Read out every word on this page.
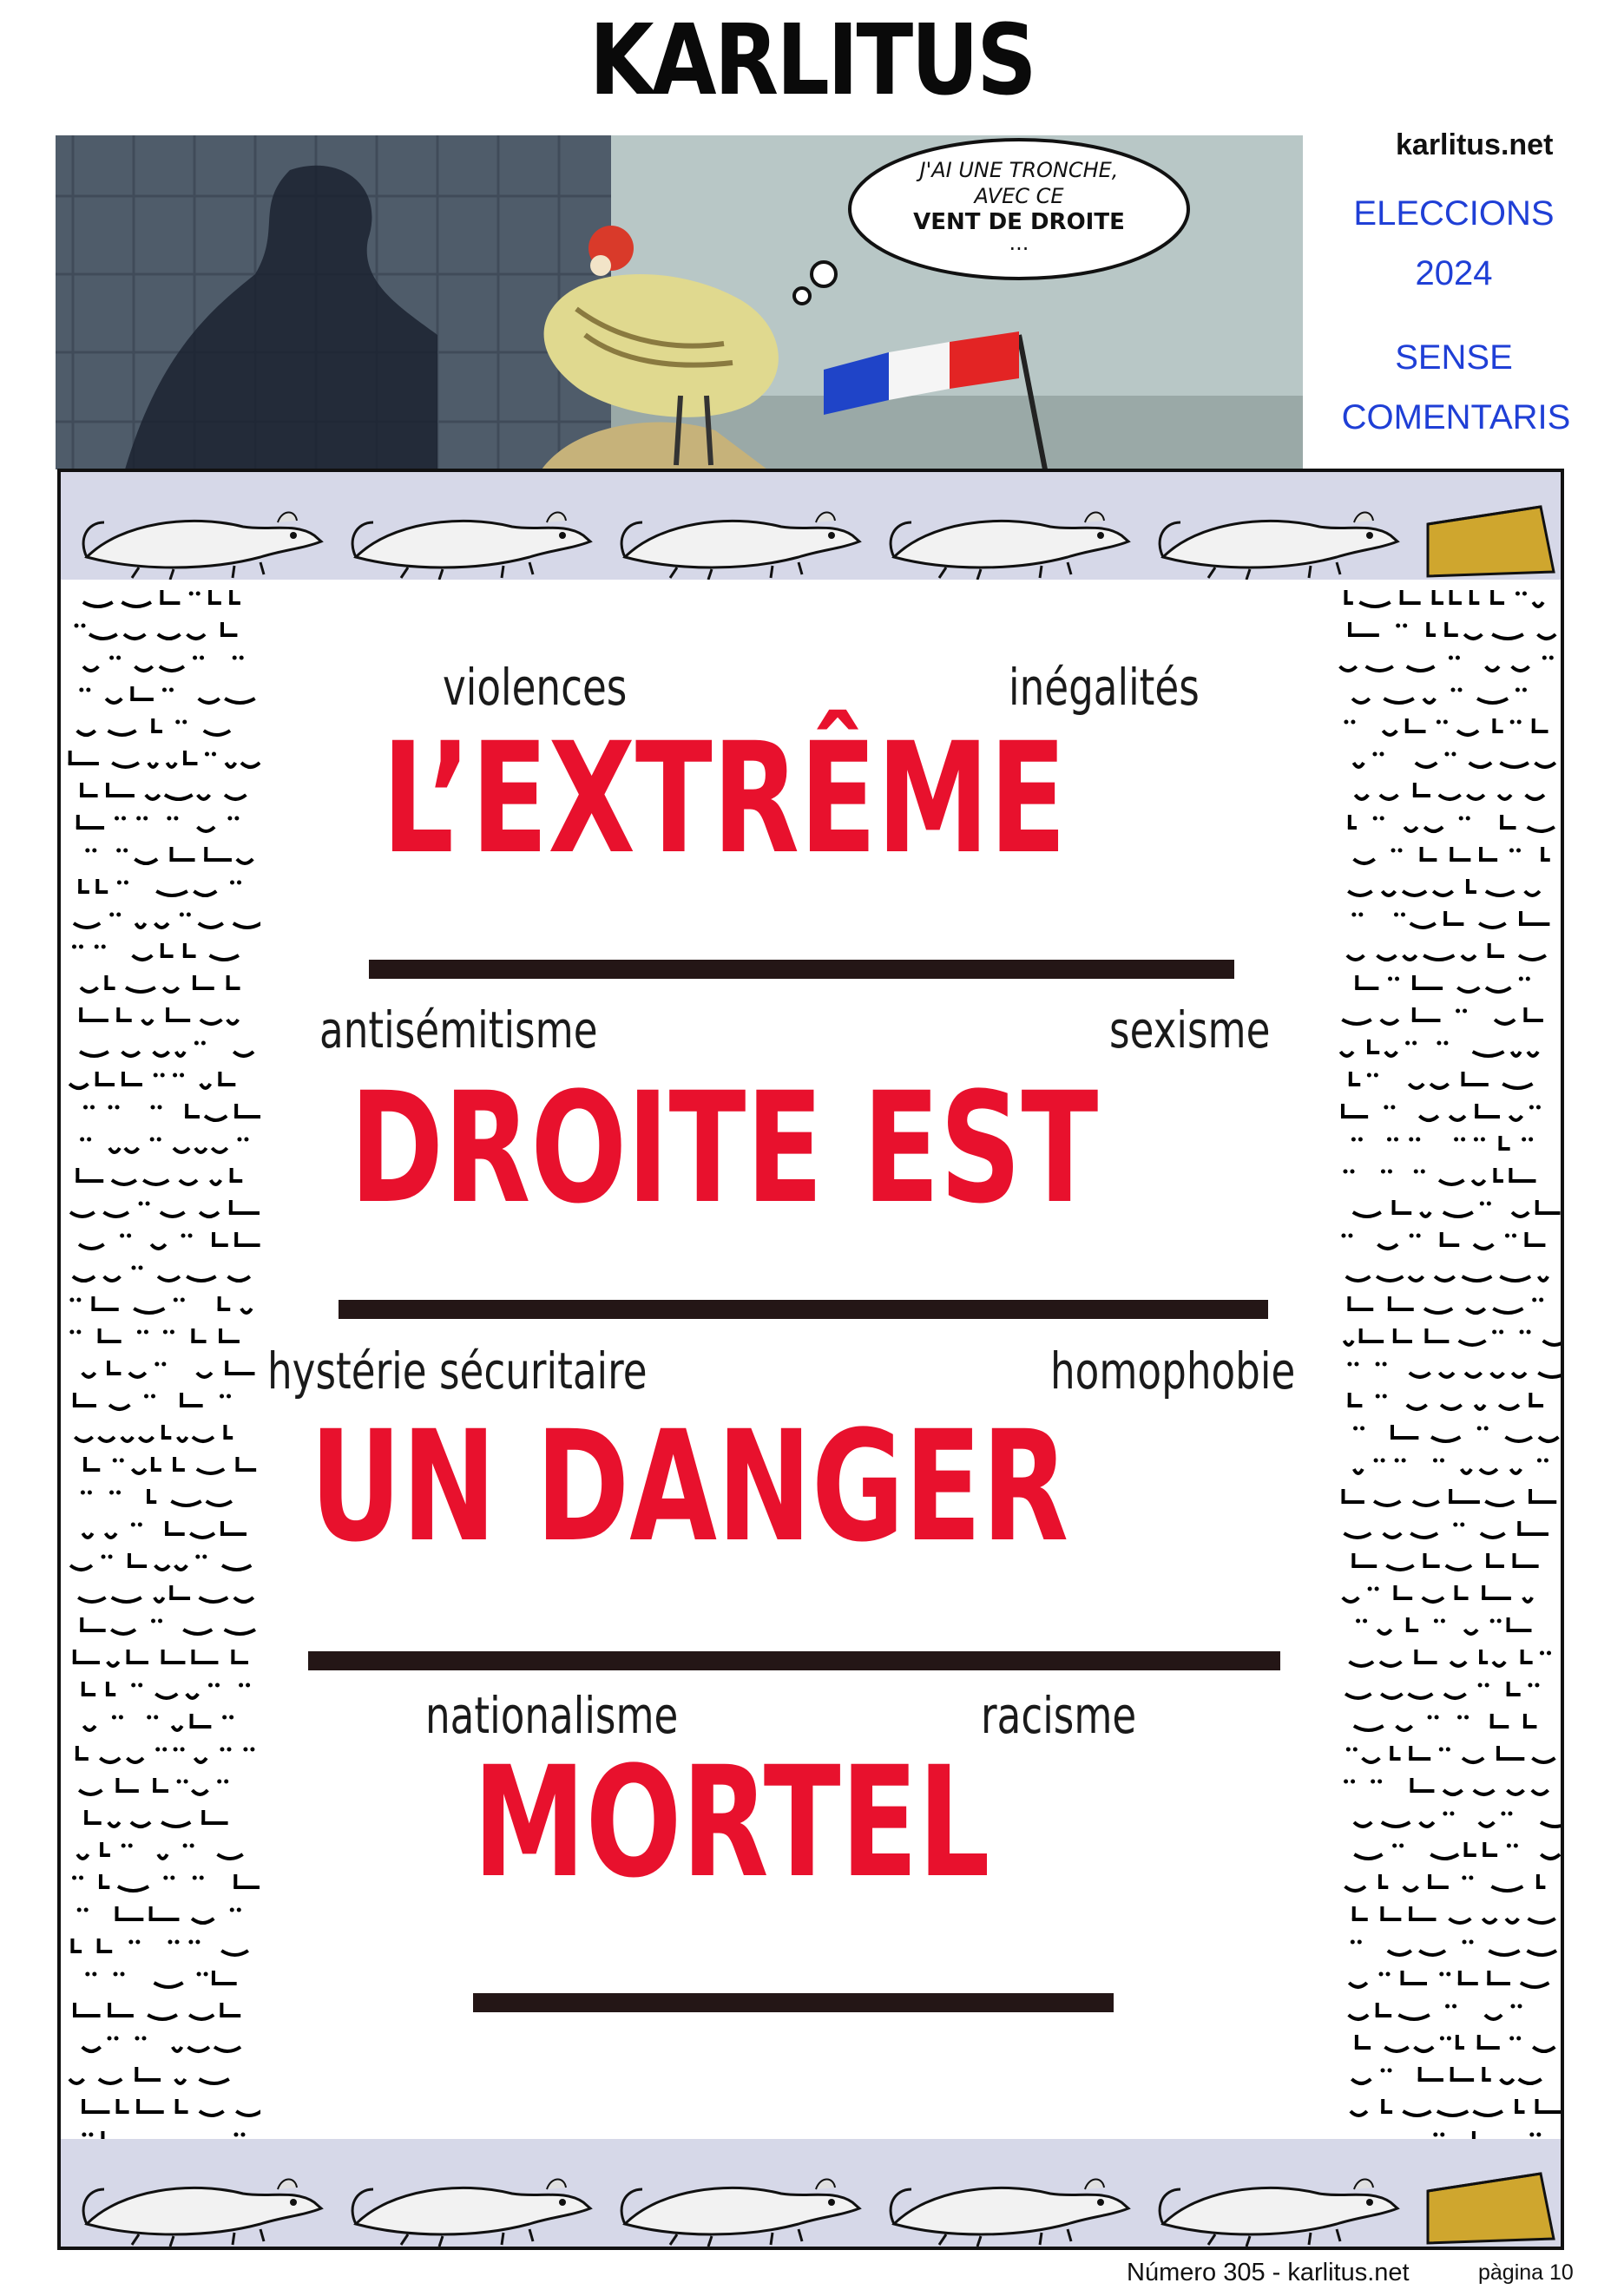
KARLITUS
J'AI UNE TRONCHE,
AVEC CE
VENT DE DROITE
...
karlitus.net
ELECCIONS
2024
SENSE
COMENTARIS
violences	inégalités
L’EXTRÊME
antisémitisme	sexisme
DROITE EST
hystérie sécuritaire	homophobie
UN DANGER
nationalisme	racisme
MORTEL
Número 305 - karlitus.net	pàgina 10
